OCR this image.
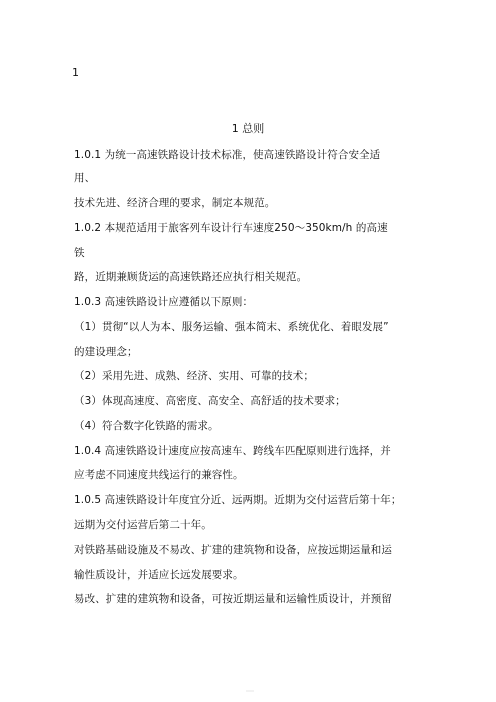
1
1 总则
1.0.1 为统一高速铁路设计技术标准，使高速铁路设计符合安全适
用、
技术先进、经济合理的要求，制定本规范。
1.0.2 本规范适用于旅客列车设计行车速度250～350km/h 的高速
铁
路，近期兼顾货运的高速铁路还应执行相关规范。
1.0.3 高速铁路设计应遵循以下原则：
（1）贯彻“以人为本、服务运输、强本简末、系统优化、着眼发展”
的建设理念；
（2）采用先进、成熟、经济、实用、可靠的技术；
（3）体现高速度、高密度、高安全、高舒适的技术要求；
（4）符合数字化铁路的需求。
1.0.4 高速铁路设计速度应按高速车、跨线车匹配原则进行选择，并
应考虑不同速度共线运行的兼容性。
1.0.5 高速铁路设计年度宜分近、远两期。近期为交付运营后第十年；
远期为交付运营后第二十年。
对铁路基础设施及不易改、扩建的建筑物和设备，应按远期运量和运
输性质设计，并适应长远发展要求。
易改、扩建的建筑物和设备，可按近期运量和运输性质设计，并预留
